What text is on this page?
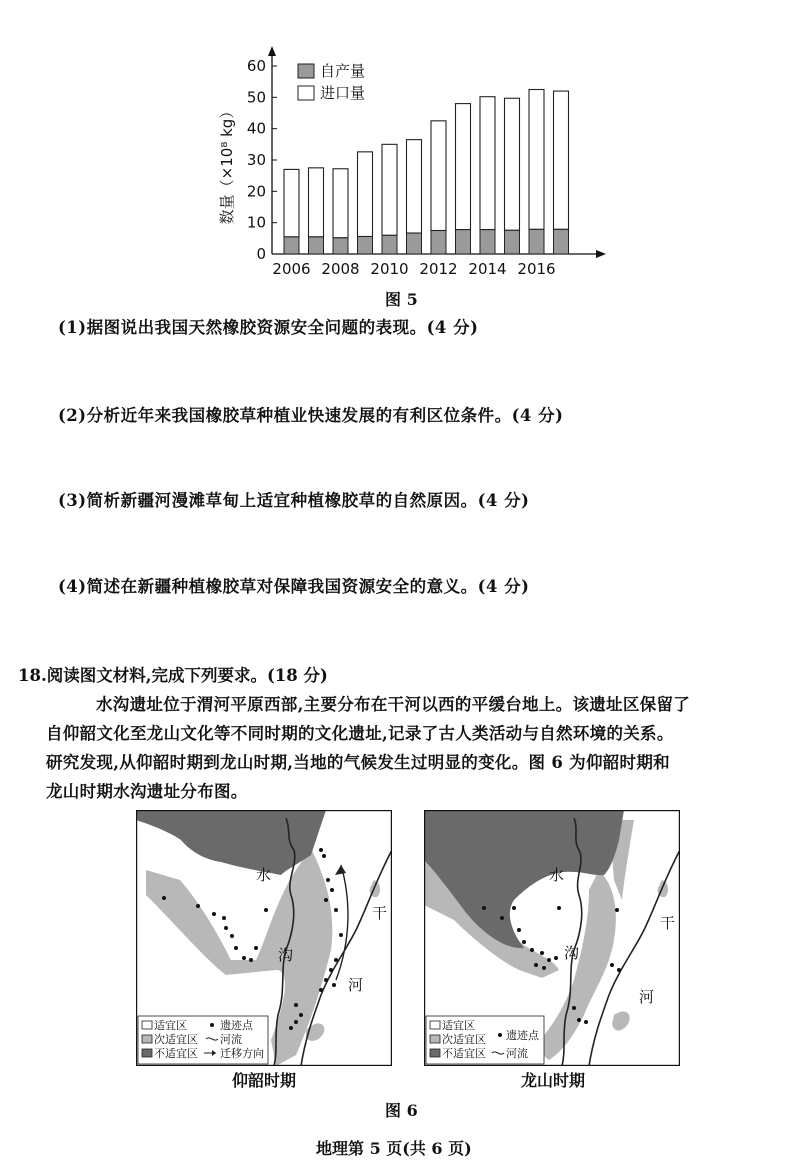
0
10
20
30
40
50
60
2006 2008 2010 2012 2014 2016
自产量
进口量
数量（×10⁸ kg）
图 5
(1)据图说出我国天然橡胶资源安全问题的表现。(4 分)
(2)分析近年来我国橡胶草种植业快速发展的有利区位条件。(4 分)
(3)简析新疆河漫滩草甸上适宜种植橡胶草的自然原因。(4 分)
(4)简述在新疆种植橡胶草对保障我国资源安全的意义。(4 分)
18.阅读图文材料,完成下列要求。(18 分)
水沟遗址位于渭河平原西部,主要分布在干河以西的平缓台地上。该遗址区保留了
自仰韶文化至龙山文化等不同时期的文化遗址,记录了古人类活动与自然环境的关系。
研究发现,从仰韶时期到龙山时期,当地的气候发生过明显的变化。图 6 为仰韶时期和
龙山时期水沟遗址分布图。
水
沟
干
河
适宜区
次适宜区
不适宜区
遗迹点
河流
迁移方向
仰韶时期
水
沟
干
河
适宜区
次适宜区
不适宜区
遗迹点
河流
龙山时期
图 6
地理第 5 页(共 6 页)
